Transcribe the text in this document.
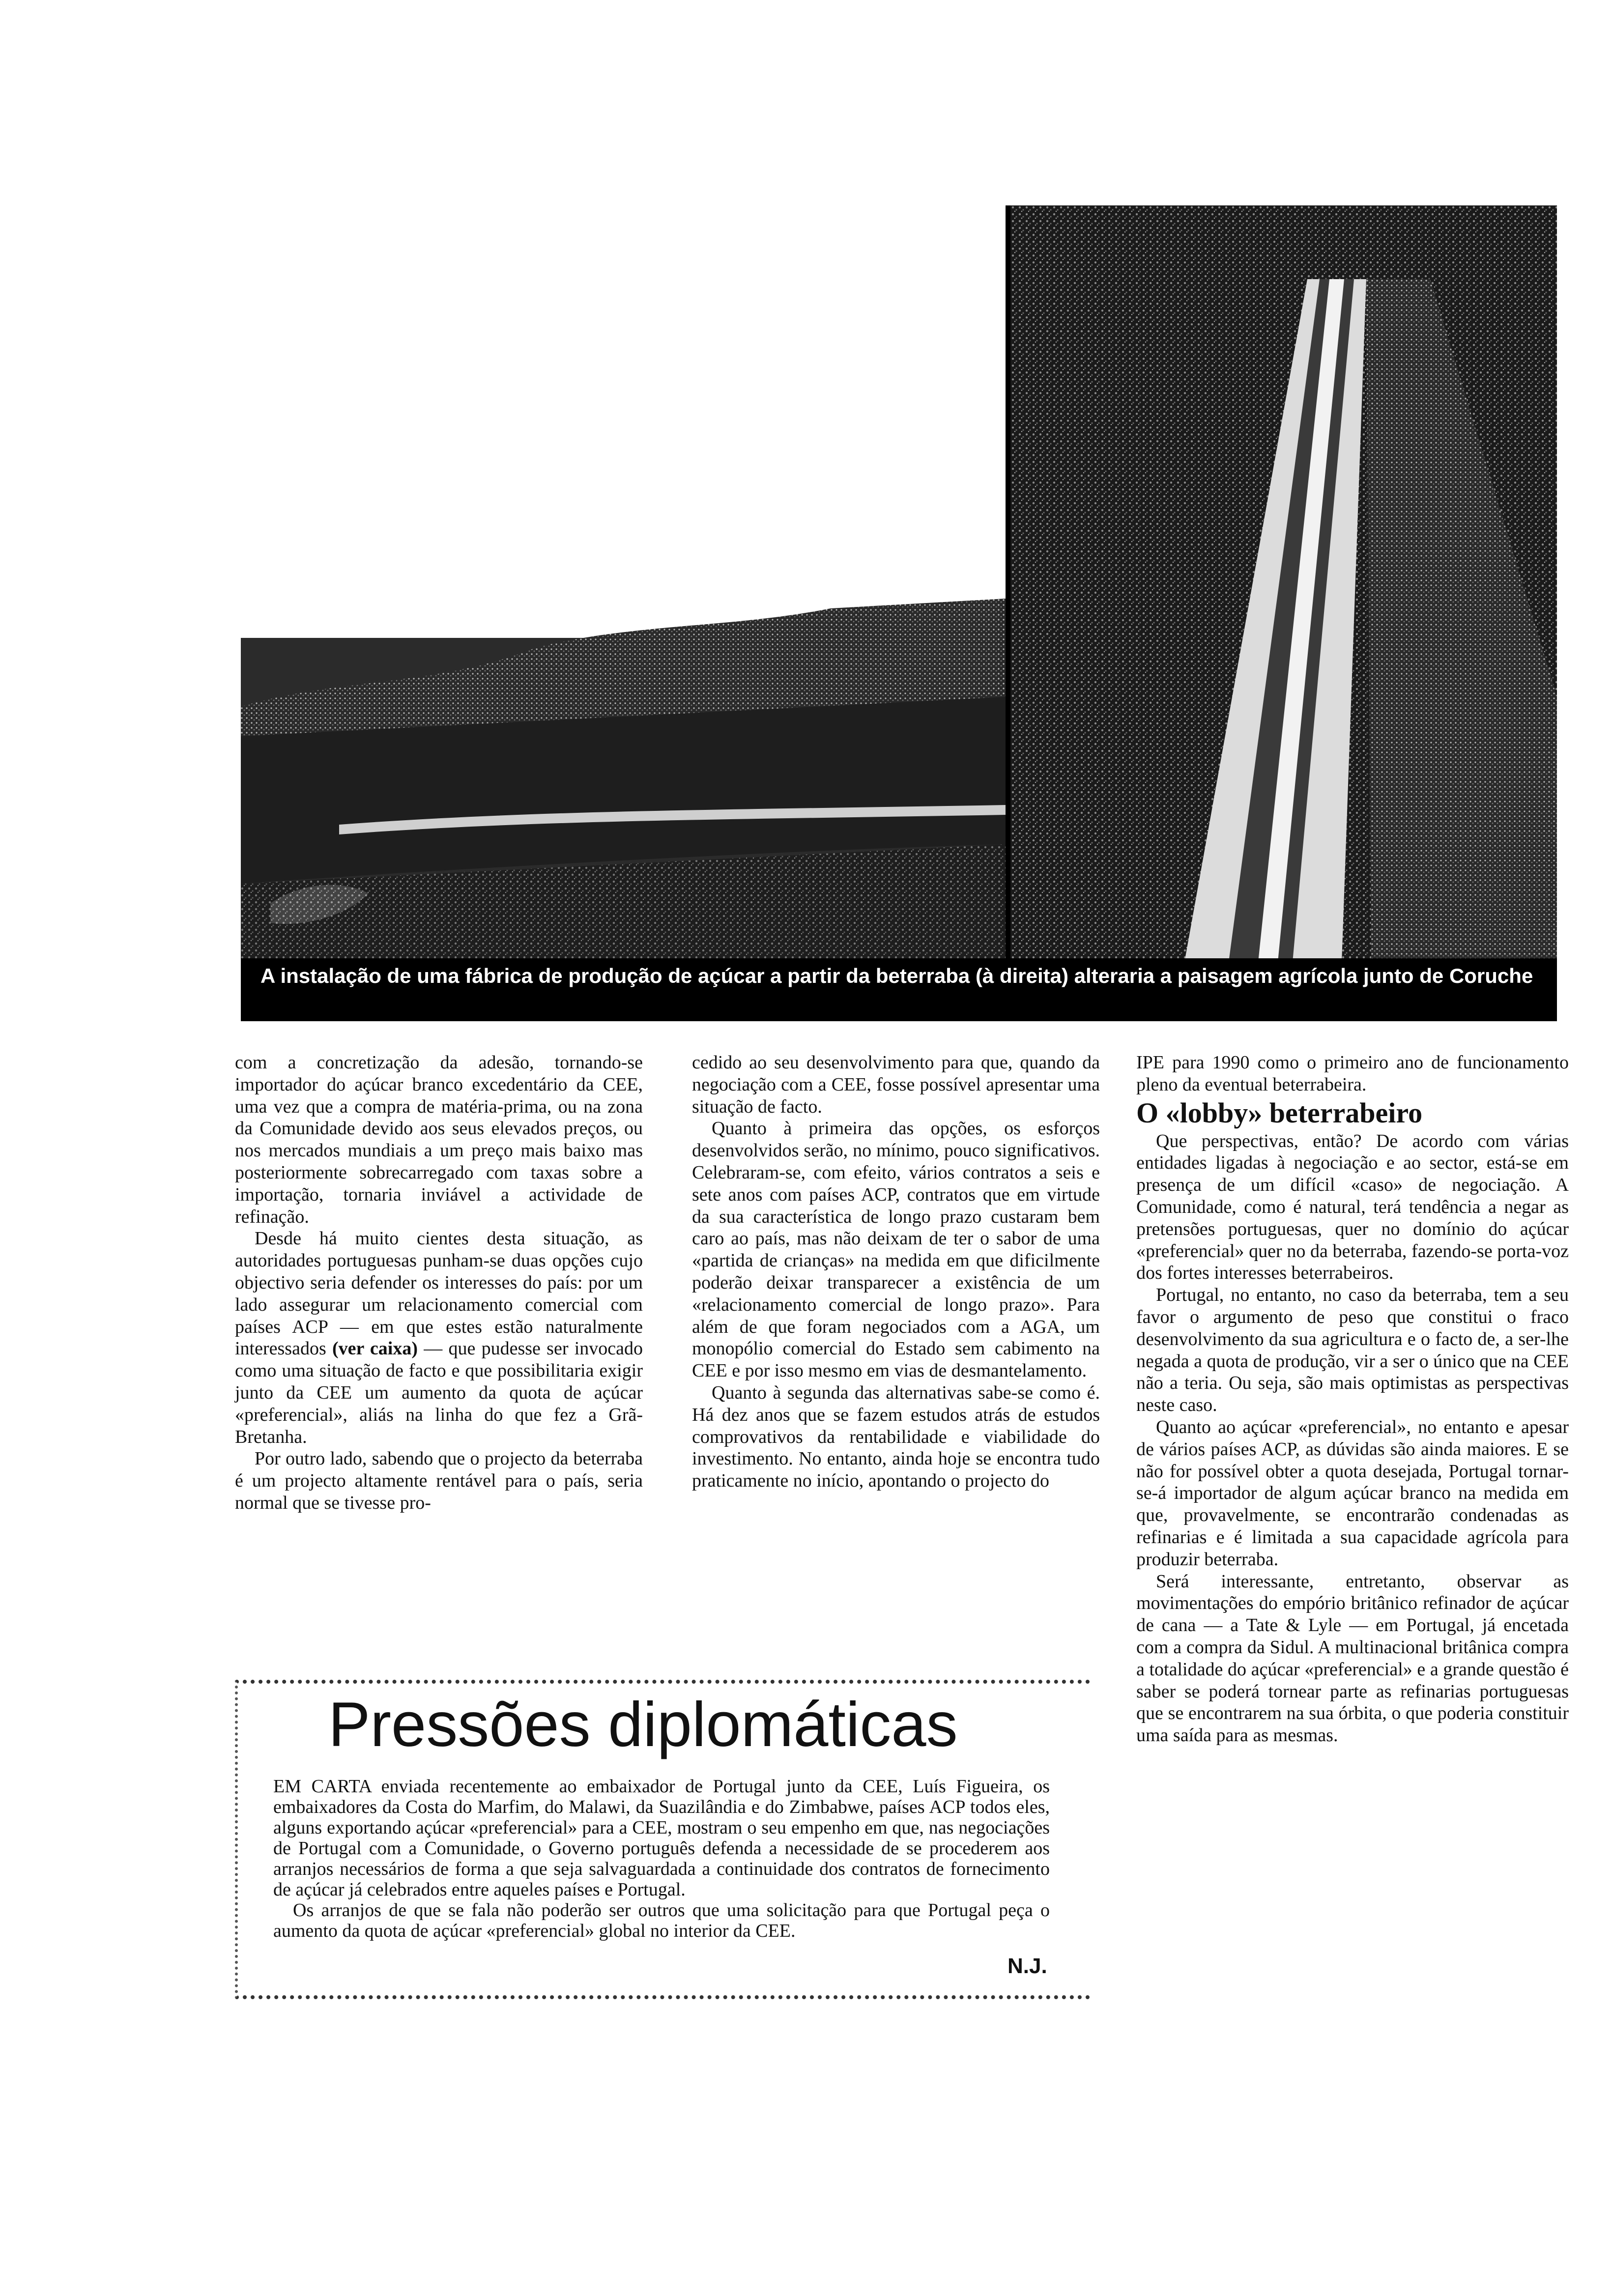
A instalação de uma fábrica de produção de açúcar a partir da beterraba (à direita) alteraria a paisagem agrícola junto de Coruche

com a concretização da adesão, tornando-se importador do açúcar branco excedentário da CEE, uma vez que a compra de matéria-prima, ou na zona da Comunidade devido aos seus elevados preços, ou nos mercados mundiais a um preço mais baixo mas posteriormente sobrecarregado com taxas sobre a importação, tornaria inviável a actividade de refinação.

Desde há muito cientes desta situação, as autoridades portuguesas punham-se duas opções cujo objectivo seria defender os interesses do país: por um lado assegurar um relacionamento comercial com países ACP — em que estes estão naturalmente interessados (ver caixa) — que pudesse ser invocado como uma situação de facto e que possibilitaria exigir junto da CEE um aumento da quota de açúcar «preferencial», aliás na linha do que fez a Grã-Bretanha.

Por outro lado, sabendo que o projecto da beterraba é um projecto altamente rentável para o país, seria normal que se tivesse pro-

cedido ao seu desenvolvimento para que, quando da negociação com a CEE, fosse possível apresentar uma situação de facto.

Quanto à primeira das opções, os esforços desenvolvidos serão, no mínimo, pouco significativos. Celebraram-se, com efeito, vários contratos a seis e sete anos com países ACP, contratos que em virtude da sua característica de longo prazo custaram bem caro ao país, mas não deixam de ter o sabor de uma «partida de crianças» na medida em que dificilmente poderão deixar transparecer a existência de um «relacionamento comercial de longo prazo». Para além de que foram negociados com a AGA, um monopólio comercial do Estado sem cabimento na CEE e por isso mesmo em vias de desmantelamento.

Quanto à segunda das alternativas sabe-se como é. Há dez anos que se fazem estudos atrás de estudos comprovativos da rentabilidade e viabilidade do investimento. No entanto, ainda hoje se encontra tudo praticamente no início, apontando o projecto do

IPE para 1990 como o primeiro ano de funcionamento pleno da eventual beterrabeira.

O «lobby» beterrabeiro

Que perspectivas, então? De acordo com várias entidades ligadas à negociação e ao sector, está-se em presença de um difícil «caso» de negociação. A Comunidade, como é natural, terá tendência a negar as pretensões portuguesas, quer no domínio do açúcar «preferencial» quer no da beterraba, fazendo-se porta-voz dos fortes interesses beterrabeiros.

Portugal, no entanto, no caso da beterraba, tem a seu favor o argumento de peso que constitui o fraco desenvolvimento da sua agricultura e o facto de, a ser-lhe negada a quota de produção, vir a ser o único que na CEE não a teria. Ou seja, são mais optimistas as perspectivas neste caso.

Quanto ao açúcar «preferencial», no entanto e apesar de vários países ACP, as dúvidas são ainda maiores. E se não for possível obter a quota desejada, Portugal tornar-se-á importador de algum açúcar branco na medida em que, provavelmente, se encontrarão condenadas as refinarias e é limitada a sua capacidade agrícola para produzir beterraba.

Será interessante, entretanto, observar as movimentações do empório britânico refinador de açúcar de cana — a Tate & Lyle — em Portugal, já encetada com a compra da Sidul. A multinacional britânica compra a totalidade do açúcar «preferencial» e a grande questão é saber se poderá tornear parte as refinarias portuguesas que se encontrarem na sua órbita, o que poderia constituir uma saída para as mesmas.

Pressões diplomáticas

EM CARTA enviada recentemente ao embaixador de Portugal junto da CEE, Luís Figueira, os embaixadores da Costa do Marfim, do Malawi, da Suazilândia e do Zimbabwe, países ACP todos eles, alguns exportando açúcar «preferencial» para a CEE, mostram o seu empenho em que, nas negociações de Portugal com a Comunidade, o Governo português defenda a necessidade de se procederem aos arranjos necessários de forma a que seja salvaguardada a continuidade dos contratos de fornecimento de açúcar já celebrados entre aqueles países e Portugal.

Os arranjos de que se fala não poderão ser outros que uma solicitação para que Portugal peça o aumento da quota de açúcar «preferencial» global no interior da CEE.

N.J.
